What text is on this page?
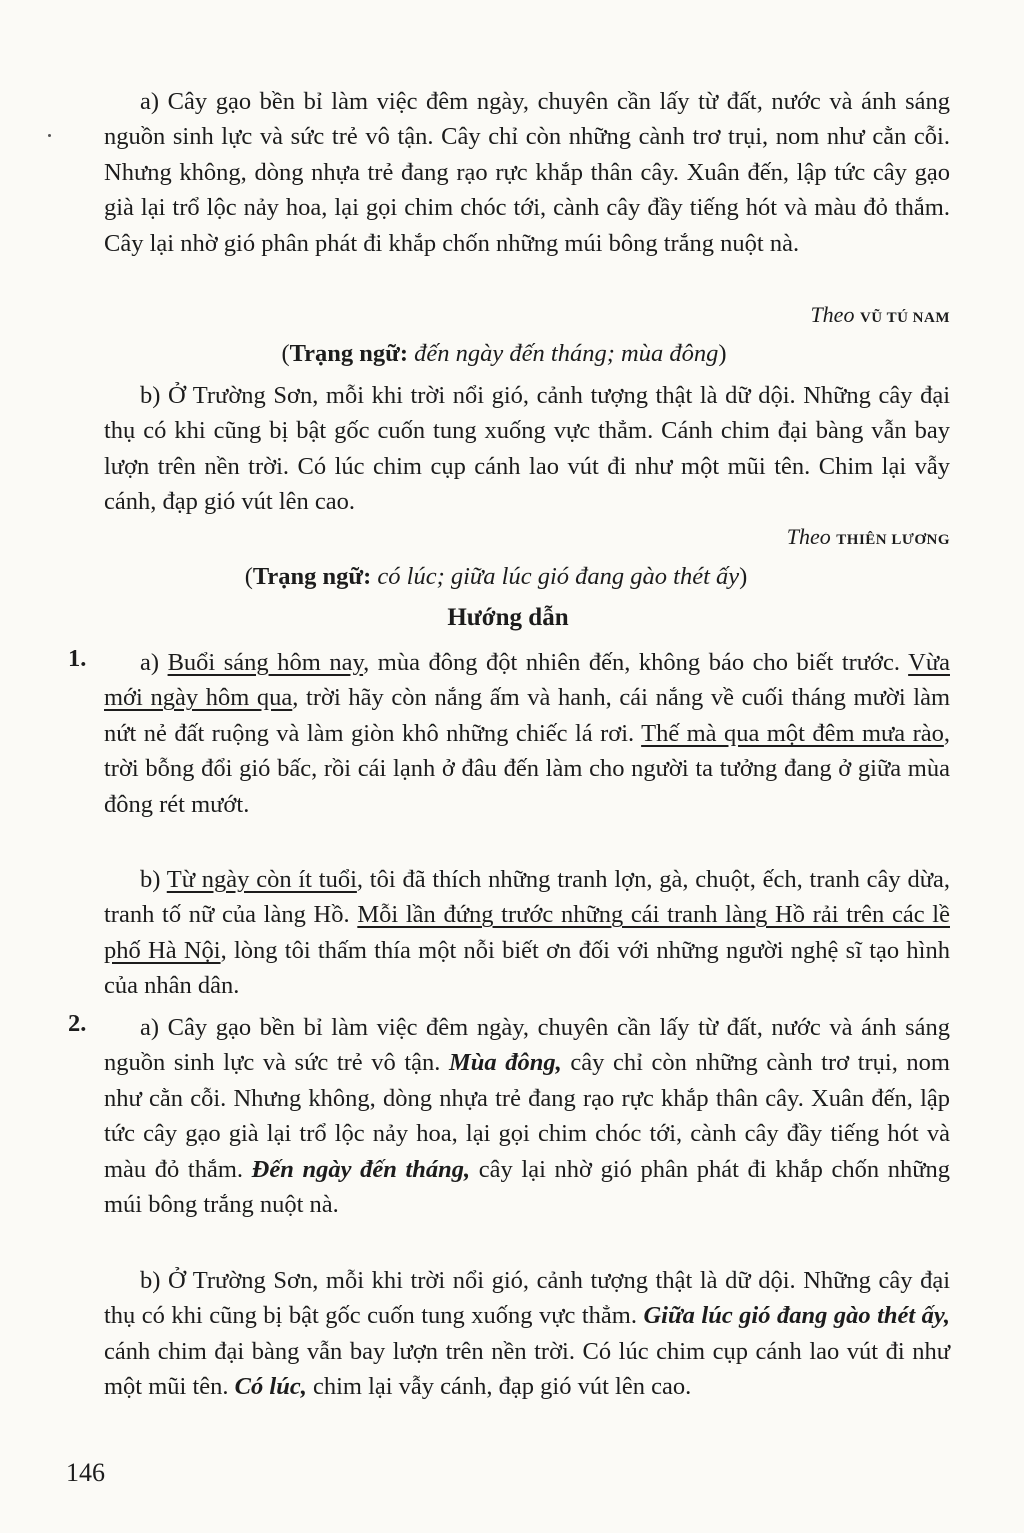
a) Cây gạo bền bỉ làm việc đêm ngày, chuyên cần lấy từ đất, nước và ánh sáng nguồn sinh lực và sức trẻ vô tận. Cây chỉ còn những cành trơ trụi, nom như cằn cỗi. Nhưng không, dòng nhựa trẻ đang rạo rực khắp thân cây. Xuân đến, lập tức cây gạo già lại trổ lộc nảy hoa, lại gọi chim chóc tới, cành cây đầy tiếng hót và màu đỏ thắm. Cây lại nhờ gió phân phát đi khắp chốn những múi bông trắng nuột nà.

Theo VŨ TÚ NAM

(Trạng ngữ: đến ngày đến tháng; mùa đông)

b) Ở Trường Sơn, mỗi khi trời nổi gió, cảnh tượng thật là dữ dội. Những cây đại thụ có khi cũng bị bật gốc cuốn tung xuống vực thẳm. Cánh chim đại bàng vẫn bay lượn trên nền trời. Có lúc chim cụp cánh lao vút đi như một mũi tên. Chim lại vẫy cánh, đạp gió vút lên cao.

Theo THIÊN LƯƠNG

(Trạng ngữ: có lúc; giữa lúc gió đang gào thét ấy)

Hướng dẫn

1.	a) Buổi sáng hôm nay, mùa đông đột nhiên đến, không báo cho biết trước. Vừa mới ngày hôm qua, trời hãy còn nắng ấm và hanh, cái nắng về cuối tháng mười làm nứt nẻ đất ruộng và làm giòn khô những chiếc lá rơi. Thế mà qua một đêm mưa rào, trời bỗng đổi gió bấc, rồi cái lạnh ở đâu đến làm cho người ta tưởng đang ở giữa mùa đông rét mướt.

b) Từ ngày còn ít tuổi, tôi đã thích những tranh lợn, gà, chuột, ếch, tranh cây dừa, tranh tố nữ của làng Hồ. Mỗi lần đứng trước những cái tranh làng Hồ rải trên các lề phố Hà Nội, lòng tôi thấm thía một nỗi biết ơn đối với những người nghệ sĩ tạo hình của nhân dân.

2.	a) Cây gạo bền bỉ làm việc đêm ngày, chuyên cần lấy từ đất, nước và ánh sáng nguồn sinh lực và sức trẻ vô tận. Mùa đông, cây chỉ còn những cành trơ trụi, nom như cằn cỗi. Nhưng không, dòng nhựa trẻ đang rạo rực khắp thân cây. Xuân đến, lập tức cây gạo già lại trổ lộc nảy hoa, lại gọi chim chóc tới, cành cây đầy tiếng hót và màu đỏ thắm. Đến ngày đến tháng, cây lại nhờ gió phân phát đi khắp chốn những múi bông trắng nuột nà.

b) Ở Trường Sơn, mỗi khi trời nổi gió, cảnh tượng thật là dữ dội. Những cây đại thụ có khi cũng bị bật gốc cuốn tung xuống vực thẳm. Giữa lúc gió đang gào thét ấy, cánh chim đại bàng vẫn bay lượn trên nền trời. Có lúc chim cụp cánh lao vút đi như một mũi tên. Có lúc, chim lại vẫy cánh, đạp gió vút lên cao.

146
